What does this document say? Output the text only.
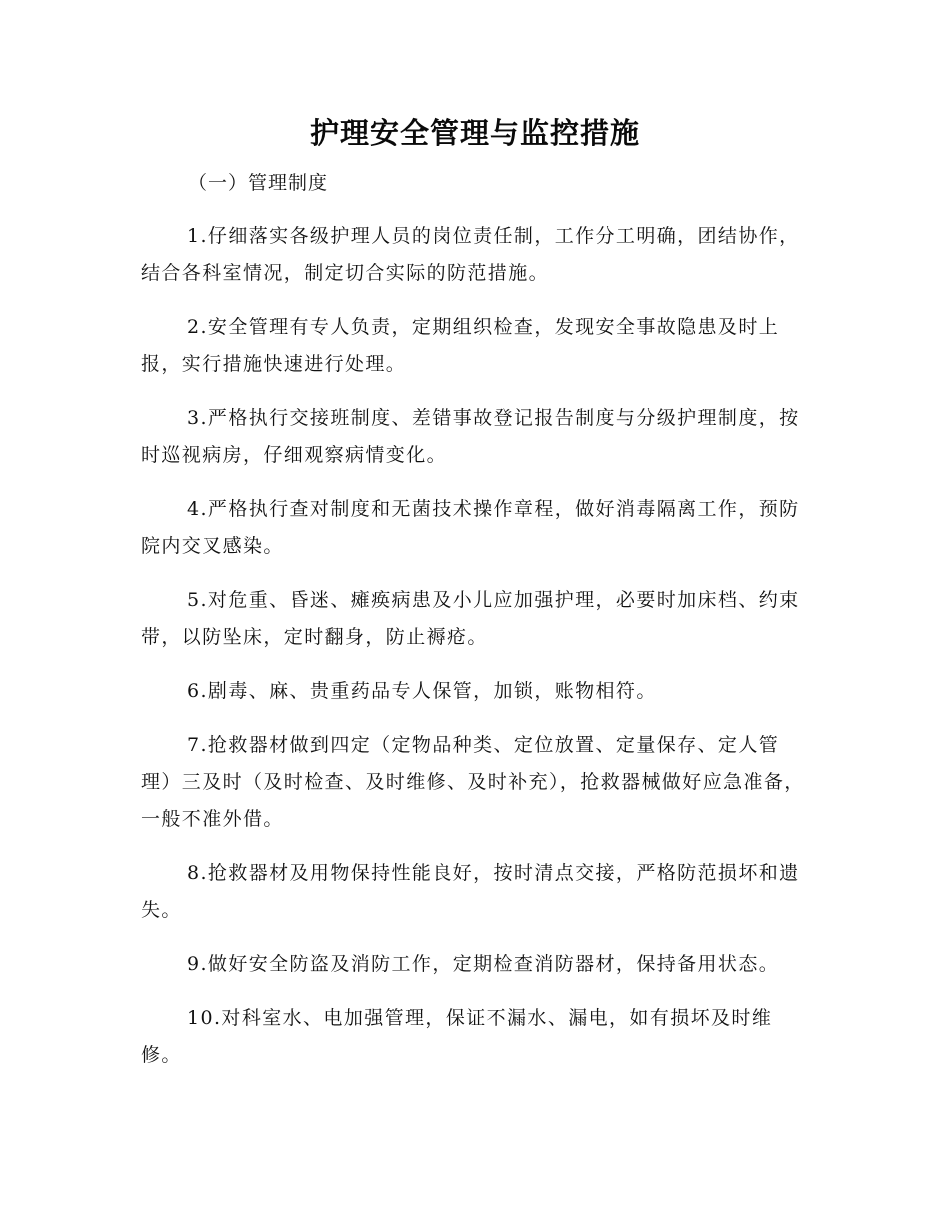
护理安全管理与监控措施
（一）管理制度

1.仔细落实各级护理人员的岗位责任制，工作分工明确，团结协作，结合各科室情况，制定切合实际的防范措施。

2.安全管理有专人负责，定期组织检查，发现安全事故隐患及时上报，实行措施快速进行处理。

3.严格执行交接班制度、差错事故登记报告制度与分级护理制度，按时巡视病房，仔细观察病情变化。

4.严格执行查对制度和无菌技术操作章程，做好消毒隔离工作，预防院内交叉感染。

5.对危重、昏迷、瘫痪病患及小儿应加强护理，必要时加床档、约束带，以防坠床，定时翻身，防止褥疮。

6.剧毒、麻、贵重药品专人保管，加锁，账物相符。

7.抢救器材做到四定（定物品种类、定位放置、定量保存、定人管理）三及时（及时检查、及时维修、及时补充），抢救器械做好应急准备，一般不准外借。

8.抢救器材及用物保持性能良好，按时清点交接，严格防范损坏和遗失。

9.做好安全防盗及消防工作，定期检查消防器材，保持备用状态。

10.对科室水、电加强管理，保证不漏水、漏电，如有损坏及时维修。
